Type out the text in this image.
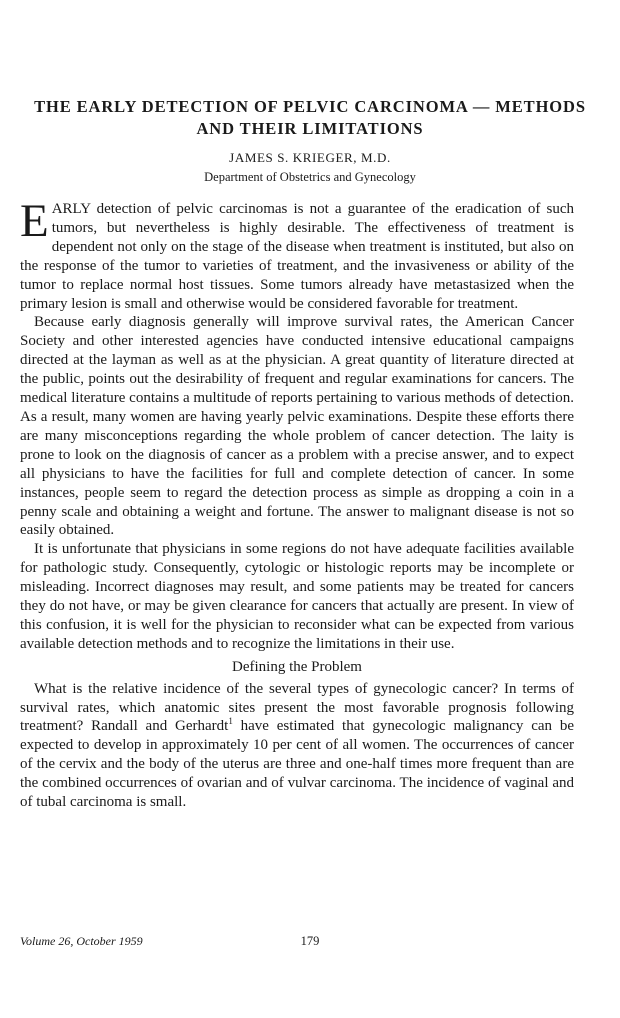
THE EARLY DETECTION OF PELVIC CARCINOMA — METHODS
AND THEIR LIMITATIONS

JAMES S. KRIEGER, M.D.

Department of Obstetrics and Gynecology

EARLY detection of pelvic carcinomas is not a guarantee of the eradication of such tumors, but nevertheless is highly desirable. The effectiveness of treatment is dependent not only on the stage of the disease when treatment is instituted, but also on the response of the tumor to varieties of treatment, and the invasiveness or ability of the tumor to replace normal host tissues. Some tumors already have metastasized when the primary lesion is small and otherwise would be considered favorable for treatment.

Because early diagnosis generally will improve survival rates, the American Cancer Society and other interested agencies have conducted intensive educational campaigns directed at the layman as well as at the physician. A great quantity of literature directed at the public, points out the desirability of frequent and regular examinations for cancers. The medical literature contains a multitude of reports pertaining to various methods of detection. As a result, many women are having yearly pelvic examinations. Despite these efforts there are many misconceptions regarding the whole problem of cancer detection. The laity is prone to look on the diagnosis of cancer as a problem with a precise answer, and to expect all physicians to have the facilities for full and complete detection of cancer. In some instances, people seem to regard the detection process as simple as dropping a coin in a penny scale and obtaining a weight and fortune. The answer to malignant disease is not so easily obtained.

It is unfortunate that physicians in some regions do not have adequate facilities available for pathologic study. Consequently, cytologic or histologic reports may be incomplete or misleading. Incorrect diagnoses may result, and some patients may be treated for cancers they do not have, or may be given clearance for cancers that actually are present. In view of this confusion, it is well for the physician to reconsider what can be expected from various available detection methods and to recognize the limitations in their use.

Defining the Problem

What is the relative incidence of the several types of gynecologic cancer? In terms of survival rates, which anatomic sites present the most favorable prognosis following treatment? Randall and Gerhardt$^1$ have estimated that gynecologic malignancy can be expected to develop in approximately 10 per cent of all women. The occurrences of cancer of the cervix and the body of the uterus are three and one-half times more frequent than are the combined occurrences of ovarian and of vulvar carcinoma. The incidence of vaginal and of tubal carcinoma is small.

Volume 26, October 1959	179
